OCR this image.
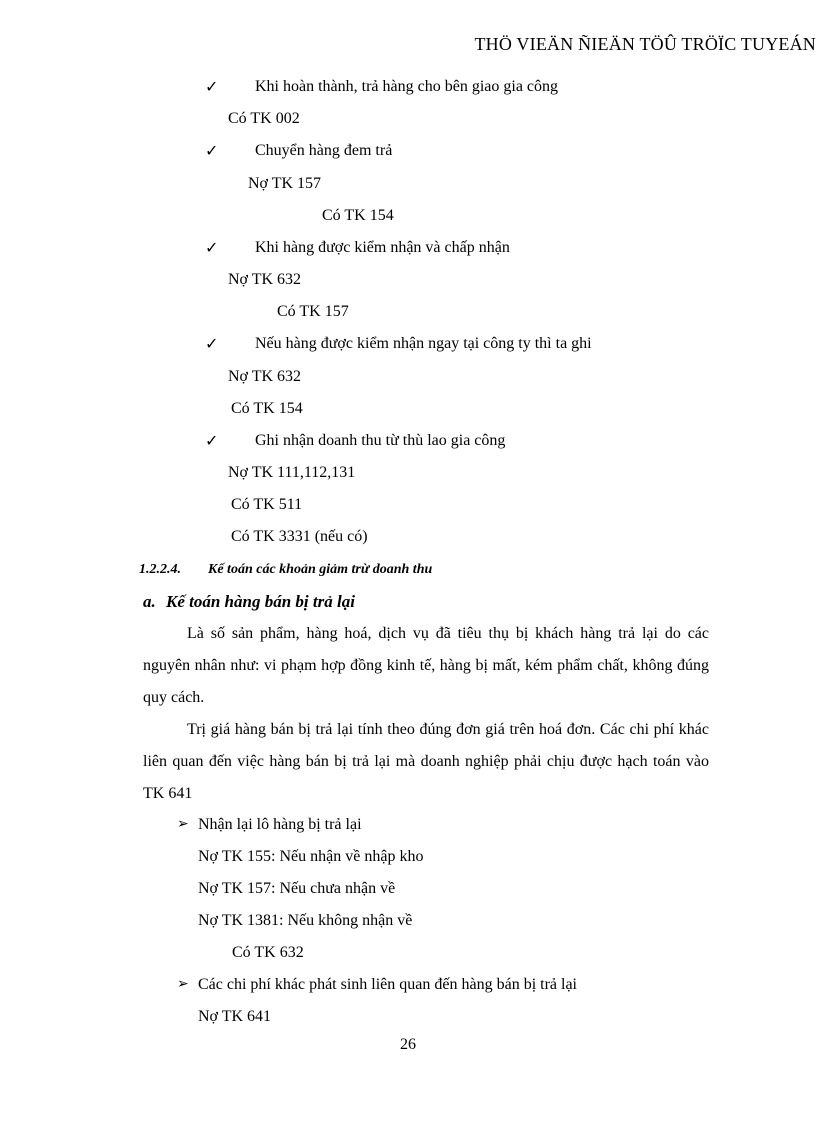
THÖ VIEÄN ÑIEÄN TÖÛ TRÖÏC TUYEÁN
✓ Khi hoàn thành, trả hàng cho bên giao gia công
Có TK 002
✓ Chuyển hàng đem trả
Nợ TK 157
Có TK 154
✓ Khi hàng được kiểm nhận và chấp nhận
Nợ TK 632
Có TK 157
✓ Nếu hàng được kiểm nhận ngay tại công ty thì ta ghi
Nợ TK 632
Có TK 154
✓ Ghi nhận doanh thu từ thù lao gia công
Nợ TK 111,112,131
Có TK 511
Có TK 3331 (nếu có)
1.2.2.4. Kế toán các khoản giảm trừ doanh thu
a. Kế toán hàng bán bị trả lại

Là số sản phẩm, hàng hoá, dịch vụ đã tiêu thụ bị khách hàng trả lại do các nguyên nhân như: vi phạm hợp đồng kinh tế, hàng bị mất, kém phẩm chất, không đúng quy cách.

Trị giá hàng bán bị trả lại tính theo đúng đơn giá trên hoá đơn. Các chi phí khác liên quan đến việc hàng bán bị trả lại mà doanh nghiệp phải chịu được hạch toán vào TK 641

➢ Nhận lại lô hàng bị trả lại
Nợ TK 155: Nếu nhận về nhập kho
Nợ TK 157: Nếu chưa nhận về
Nợ TK 1381: Nếu không nhận về
Có TK 632
➢ Các chi phí khác phát sinh liên quan đến hàng bán bị trả lại
Nợ TK 641
26
